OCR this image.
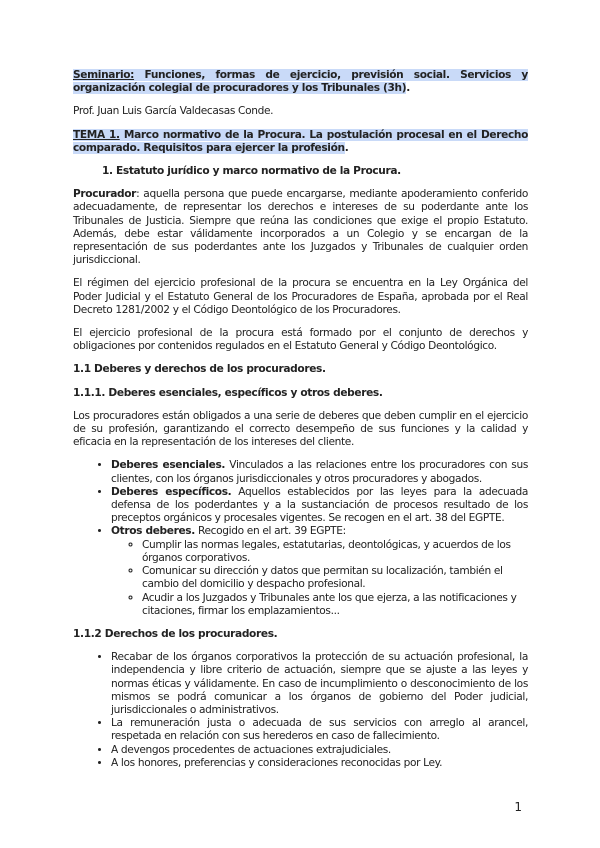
Seminario: Funciones, formas de ejercicio, previsión social. Servicios y organización colegial de procuradores y los Tribunales (3h).

Prof. Juan Luis García Valdecasas Conde.

TEMA 1. Marco normativo de la Procura. La postulación procesal en el Derecho comparado. Requisitos para ejercer la profesión.

1. Estatuto jurídico y marco normativo de la Procura.

Procurador: aquella persona que puede encargarse, mediante apoderamiento conferido adecuadamente, de representar los derechos e intereses de su poderdante ante los Tribunales de Justicia. Siempre que reúna las condiciones que exige el propio Estatuto. Además, debe estar válidamente incorporados a un Colegio y se encargan de la representación de sus poderdantes ante los Juzgados y Tribunales de cualquier orden jurisdiccional.

El régimen del ejercicio profesional de la procura se encuentra en la Ley Orgánica del Poder Judicial y el Estatuto General de los Procuradores de España, aprobada por el Real Decreto 1281/2002 y el Código Deontológico de los Procuradores.

El ejercicio profesional de la procura está formado por el conjunto de derechos y obligaciones por contenidos regulados en el Estatuto General y Código Deontológico.

1.1 Deberes y derechos de los procuradores.

1.1.1. Deberes esenciales, específicos y otros deberes.

Los procuradores están obligados a una serie de deberes que deben cumplir en el ejercicio de su profesión, garantizando el correcto desempeño de sus funciones y la calidad y eficacia en la representación de los intereses del cliente.

• Deberes esenciales. Vinculados a las relaciones entre los procuradores con sus clientes, con los órganos jurisdiccionales y otros procuradores y abogados.
• Deberes específicos. Aquellos establecidos por las leyes para la adecuada defensa de los poderdantes y a la sustanciación de procesos resultado de los preceptos orgánicos y procesales vigentes. Se recogen en el art. 38 del EGPTE.
• Otros deberes. Recogido en el art. 39 EGPTE:
◦ Cumplir las normas legales, estatutarias, deontológicas, y acuerdos de los órganos corporativos.
◦ Comunicar su dirección y datos que permitan su localización, también el cambio del domicilio y despacho profesional.
◦ Acudir a los Juzgados y Tribunales ante los que ejerza, a las notificaciones y citaciones, firmar los emplazamientos...

1.1.2 Derechos de los procuradores.

• Recabar de los órganos corporativos la protección de su actuación profesional, la independencia y libre criterio de actuación, siempre que se ajuste a las leyes y normas éticas y válidamente. En caso de incumplimiento o desconocimiento de los mismos se podrá comunicar a los órganos de gobierno del Poder judicial, jurisdiccionales o administrativos.
• La remuneración justa o adecuada de sus servicios con arreglo al arancel, respetada en relación con sus herederos en caso de fallecimiento.
• A devengos procedentes de actuaciones extrajudiciales.
• A los honores, preferencias y consideraciones reconocidas por Ley.
1
